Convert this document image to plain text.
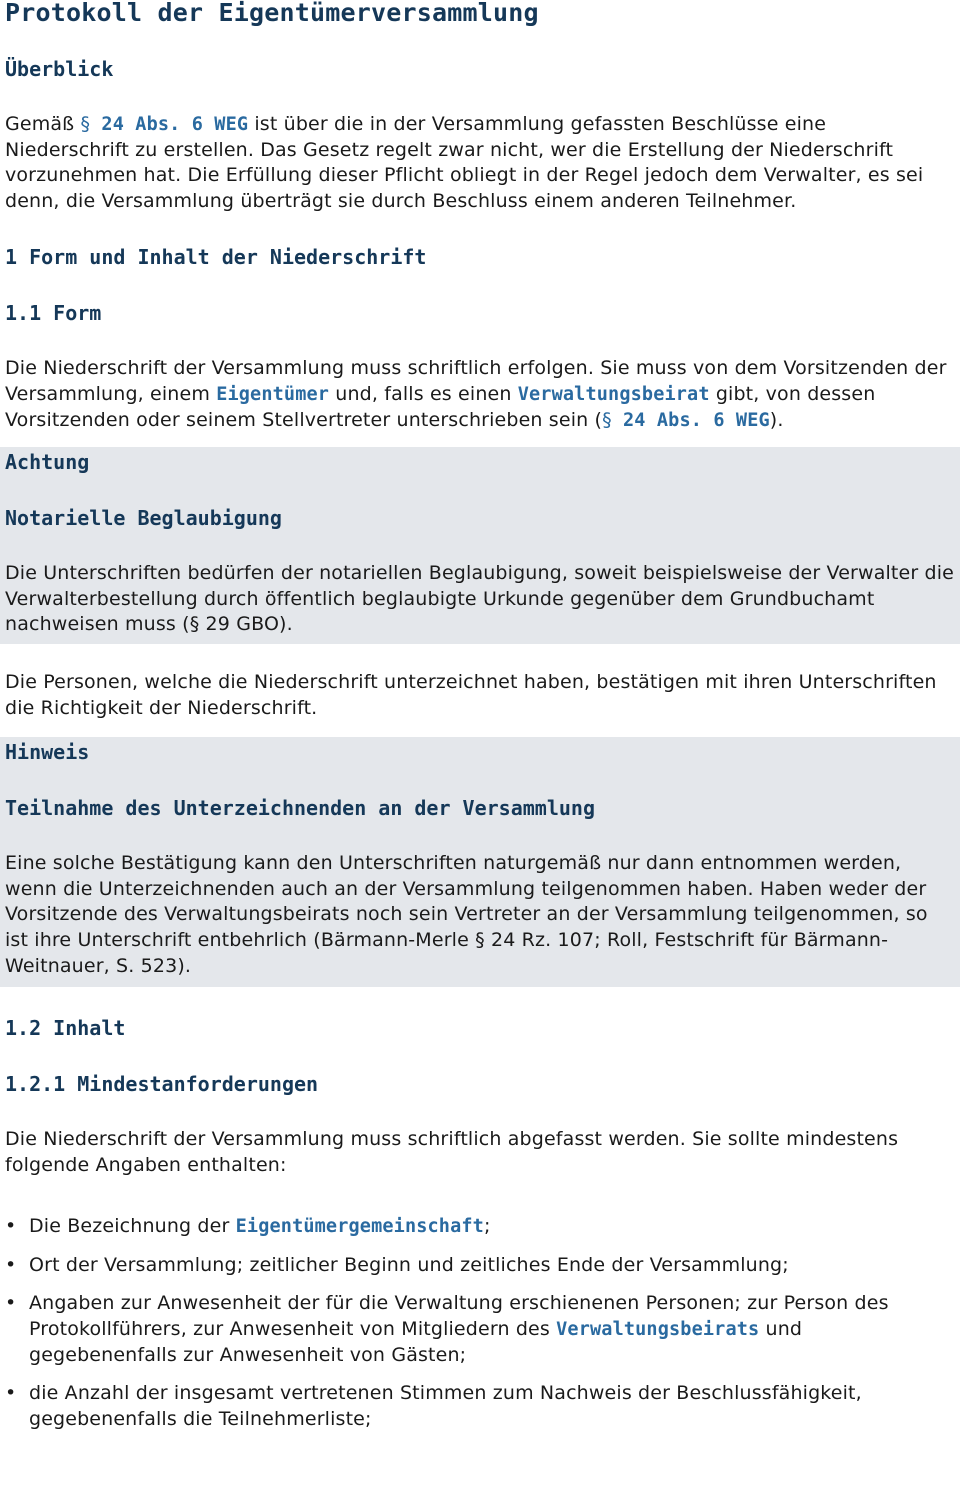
Protokoll der Eigentümerversammlung
Überblick

Gemäß § 24 Abs. 6 WEG ist über die in der Versammlung gefassten Beschlüsse eine Niederschrift zu erstellen. Das Gesetz regelt zwar nicht, wer die Erstellung der Niederschrift vorzunehmen hat. Die Erfüllung dieser Pflicht obliegt in der Regel jedoch dem Verwalter, es sei denn, die Versammlung überträgt sie durch Beschluss einem anderen Teilnehmer.

1 Form und Inhalt der Niederschrift
1.1 Form

Die Niederschrift der Versammlung muss schriftlich erfolgen. Sie muss von dem Vorsitzenden der Versammlung, einem Eigentümer und, falls es einen Verwaltungsbeirat gibt, von dessen Vorsitzenden oder seinem Stellvertreter unterschrieben sein (§ 24 Abs. 6 WEG).

Achtung
Notarielle Beglaubigung

Die Unterschriften bedürfen der notariellen Beglaubigung, soweit beispielsweise der Verwalter die Verwalterbestellung durch öffentlich beglaubigte Urkunde gegenüber dem Grundbuchamt nachweisen muss (§ 29 GBO).

Die Personen, welche die Niederschrift unterzeichnet haben, bestätigen mit ihren Unterschriften die Richtigkeit der Niederschrift.

Hinweis
Teilnahme des Unterzeichnenden an der Versammlung

Eine solche Bestätigung kann den Unterschriften naturgemäß nur dann entnommen werden, wenn die Unterzeichnenden auch an der Versammlung teilgenommen haben. Haben weder der Vorsitzende des Verwaltungsbeirats noch sein Vertreter an der Versammlung teilgenommen, so ist ihre Unterschrift entbehrlich (Bärmann-Merle § 24 Rz. 107; Roll, Festschrift für Bärmann-Weitnauer, S. 523).

1.2 Inhalt
1.2.1 Mindestanforderungen

Die Niederschrift der Versammlung muss schriftlich abgefasst werden. Sie sollte mindestens folgende Angaben enthalten:

• Die Bezeichnung der Eigentümergemeinschaft;
• Ort der Versammlung; zeitlicher Beginn und zeitliches Ende der Versammlung;
• Angaben zur Anwesenheit der für die Verwaltung erschienenen Personen; zur Person des Protokollführers, zur Anwesenheit von Mitgliedern des Verwaltungsbeirats und gegebenenfalls zur Anwesenheit von Gästen;
• die Anzahl der insgesamt vertretenen Stimmen zum Nachweis der Beschlussfähigkeit, gegebenenfalls die Teilnehmerliste;
